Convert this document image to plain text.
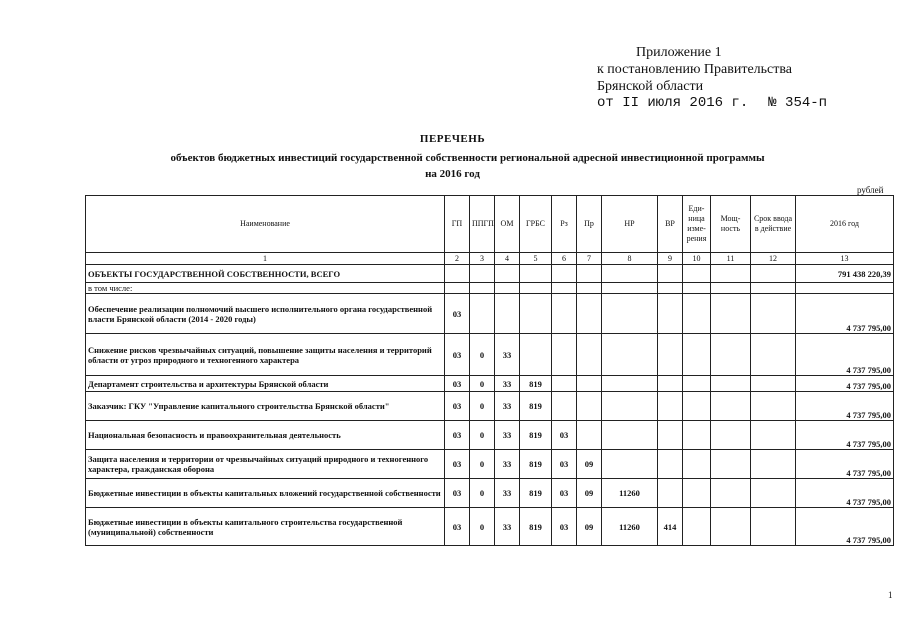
Приложение 1
к постановлению Правительства
Брянской области
от II июля 2016 г. № 354-п
ПЕРЕЧЕНЬ
объектов бюджетных инвестиций государственной собственности региональной адресной инвестиционной программы
на 2016 год
рублей
Наименование	ГП	ППГП	ОМ	ГРБС	Рз	Пр	НР	ВР	Еди-ница изме-рения	Мощ-ность	Срок ввода в действие	2016 год
1	2	3	4	5	6	7	8	9	10	11	12	13
ОБЪЕКТЫ ГОСУДАРСТВЕННОЙ СОБСТВЕННОСТИ, ВСЕГО												791 438 220,39
в том числе:												
Обеспечение реализации полномочий высшего исполнительного органа государственной власти Брянской области (2014 - 2020 годы)	03											4 737 795,00
Снижение рисков чрезвычайных ситуаций, повышение защиты населения и территорий области от угроз природного и техногенного характера	03	0	33									4 737 795,00
Департамент строительства и архитектуры Брянской области	03	0	33	819								4 737 795,00
Заказчик: ГКУ "Управление капитального строительства Брянской области"	03	0	33	819								4 737 795,00
Национальная безопасность и правоохранительная деятельность	03	0	33	819	03							4 737 795,00
Защита населения и территории от чрезвычайных ситуаций природного и техногенного характера, гражданская оборона	03	0	33	819	03	09						4 737 795,00
Бюджетные инвестиции в объекты капитальных вложений государственной собственности	03	0	33	819	03	09	11260					4 737 795,00
Бюджетные инвестиции в объекты капитального строительства государственной (муниципальной) собственности	03	0	33	819	03	09	11260	414				4 737 795,00
1
